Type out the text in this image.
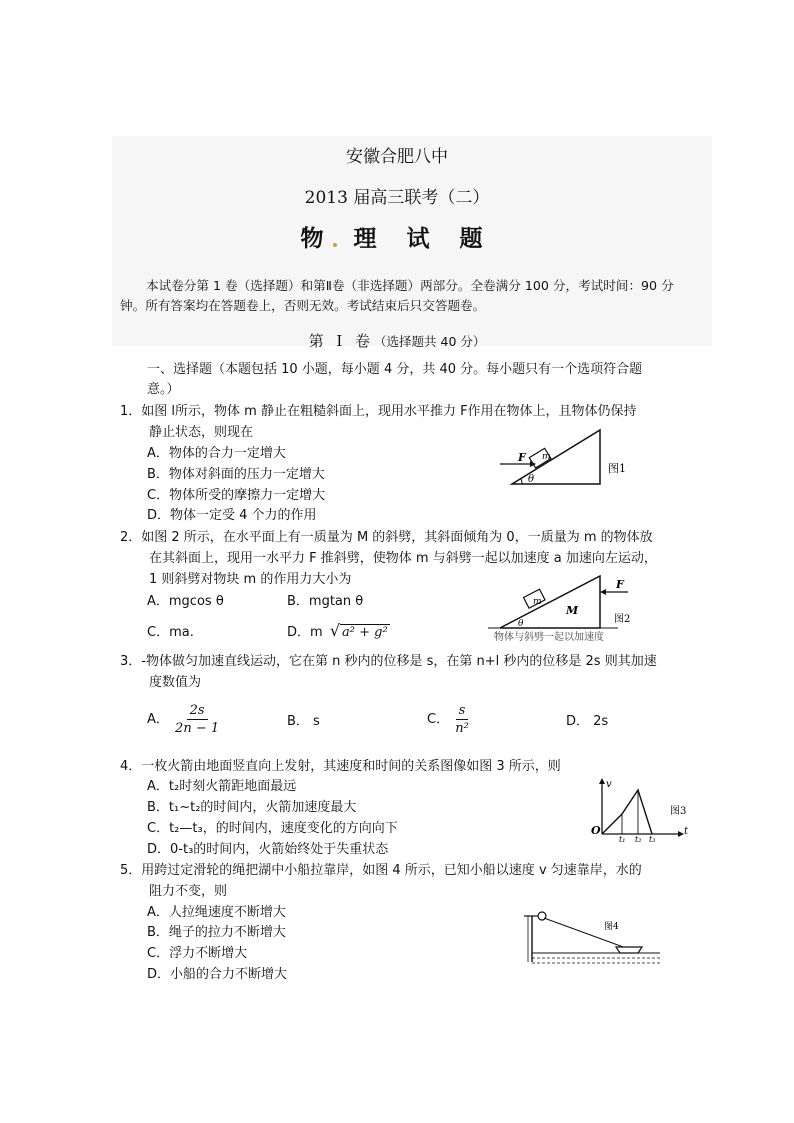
安徽合肥八中
2013 届高三联考（二）
物 理 试 题
本试卷分第 1 卷（选择题）和第Ⅱ卷（非选择题）两部分。全卷满分 100 分，考试时间：90 分钟。所有答案均在答题卷上，否则无效。考试结束后只交答题卷。
第 Ⅰ 卷（选择题共 40 分）
一、选择题（本题包括 10 小题，每小题 4 分，共 40 分。每小题只有一个选项符合题
意。）
1．如图 l所示，物体 m 静止在粗糙斜面上，现用水平推力 F作用在物体上，且物体仍保持
静止状态，则现在
A．物体的合力一定增大
B．物体对斜面的压力一定增大
C．物体所受的摩擦力一定增大
D．物体一定受 4 个力的作用
m
F
θ
图1
2．如图 2 所示，在水平面上有一质量为 M 的斜劈，其斜面倾角为 0，一质量为 m 的物体放
在其斜面上，现用一水平力 F 推斜劈，使物体 m 与斜劈一起以加速度 a 加速向左运动，
1 则斜劈对物块 m 的作用力大小为
A．mgcos θ	B．mgtan θ
C．ma.	D．m √ a² + g²
m
M
F
θ	图2
物体与斜劈一起以加速度
3．-物体做匀加速直线运动，它在第 n 秒内的位移是 s，在第 n+l 秒内的位移是 2s 则其加速
度数值为
A． $\frac{2s}{2n - 1}$	B． s	C． $\frac{s}{\text{n²}}$	D． 2s
4．一枚火箭由地面竖直向上发射，其速度和时间的关系图像如图 3 所示，则
A．t₂时刻火箭距地面最远
B．t₁~t₂的时间内，火箭加速度最大
C．t₂—t₃，的时间内，速度变化的方向向下
D．0-t₃的时间内，火箭始终处于失重状态
v
O	t
t₁ t₂ t₃
图3
5．用跨过定滑轮的绳把湖中小船拉靠岸，如图 4 所示，已知小船以速度 v 匀速靠岸，水的
阻力不变，则
A．人拉绳速度不断增大
B．绳子的拉力不断增大
C．浮力不断增大
D．小船的合力不断增大
图4
